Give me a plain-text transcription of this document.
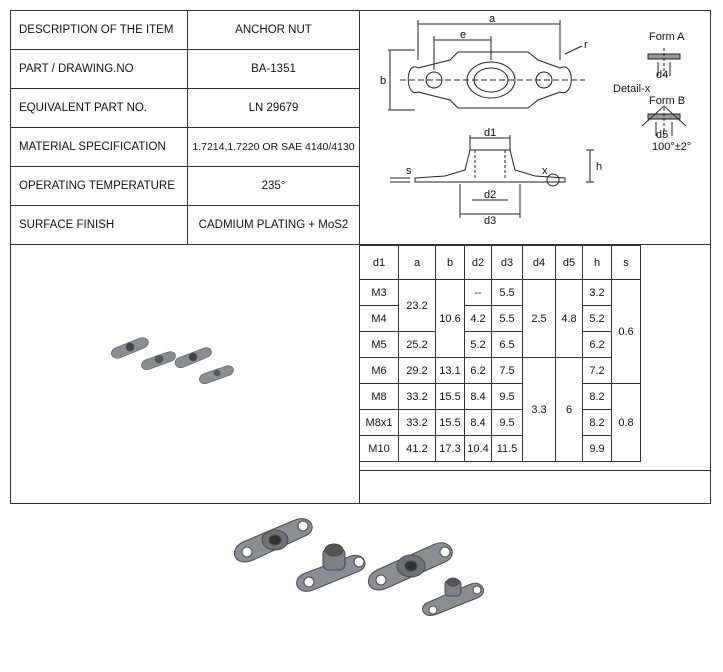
DESCRIPTION OF THE ITEM	ANCHOR NUT
PART / DRAWING.NO	BA-1351
EQUIVALENT PART NO.	LN 29679
MATERIAL SPECIFICATION	1.7214,1.7220 OR SAE 4140/4130
OPERATING TEMPERATURE	235°
SURFACE FINISH	CADMIUM PLATING + MoS2
a
e
b
r
d1
d2
d3
s	h
x
Form A
d4
Detail-x
Form B
d5
100°±2°
d1	a	b	d2	d3	d4	d5	h	s
M3	23.2	10.6	--	5.5	2.5	4.8	3.2	0.6
M4			4.2	5.5			5.2	
M5	25.2		5.2	6.5			6.2	
M6	29.2	13.1	6.2	7.5	3.3	6	7.2	
M8	33.2	15.5	8.4	9.5			8.2	0.8
M8x1	33.2	15.5	8.4	9.5			8.2	
M10	41.2	17.3	10.4	11.5			9.9	
